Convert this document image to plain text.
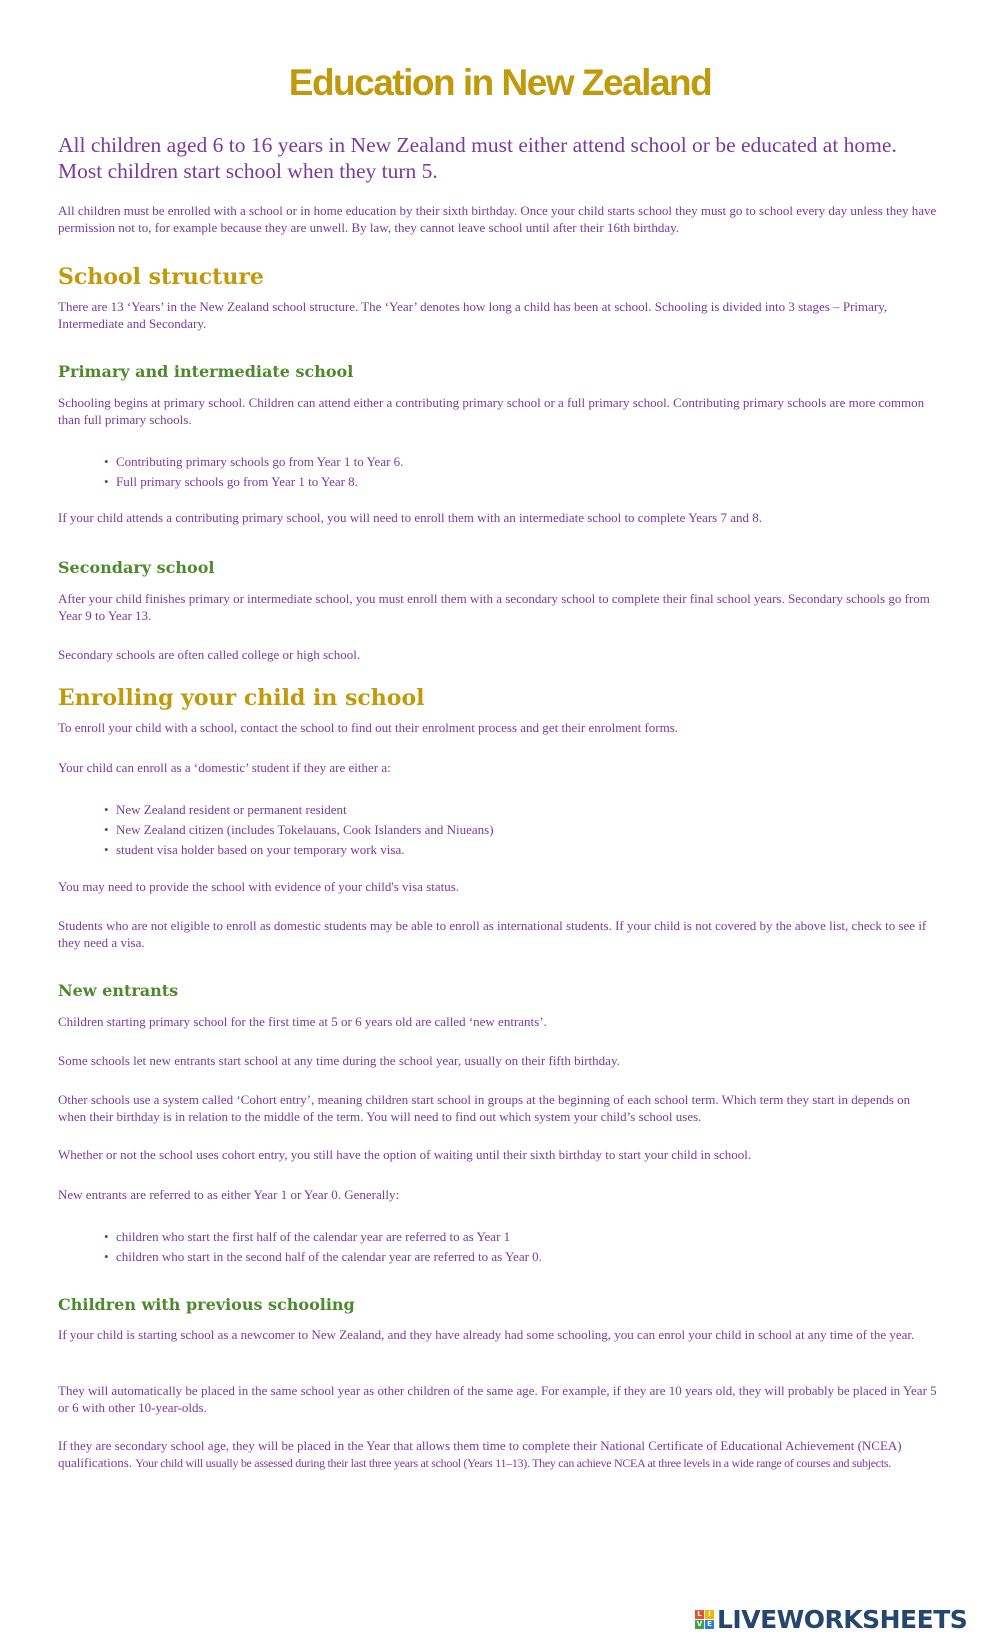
Education in New Zealand

All children aged 6 to 16 years in New Zealand must either attend school or be educated at home. Most children start school when they turn 5.

All children must be enrolled with a school or in home education by their sixth birthday. Once your child starts school they must go to school every day unless they have permission not to, for example because they are unwell. By law, they cannot leave school until after their 16th birthday.

School structure

There are 13 ‘Years’ in the New Zealand school structure. The ‘Year’ denotes how long a child has been at school. Schooling is divided into 3 stages – Primary, Intermediate and Secondary.

Primary and intermediate school

Schooling begins at primary school. Children can attend either a contributing primary school or a full primary school. Contributing primary schools are more common than full primary schools.

• Contributing primary schools go from Year 1 to Year 6.
• Full primary schools go from Year 1 to Year 8.

If your child attends a contributing primary school, you will need to enroll them with an intermediate school to complete Years 7 and 8.

Secondary school

After your child finishes primary or intermediate school, you must enroll them with a secondary school to complete their final school years. Secondary schools go from Year 9 to Year 13.

Secondary schools are often called college or high school.

Enrolling your child in school

To enroll your child with a school, contact the school to find out their enrolment process and get their enrolment forms.

Your child can enroll as a ‘domestic’ student if they are either a:

• New Zealand resident or permanent resident
• New Zealand citizen (includes Tokelauans, Cook Islanders and Niueans)
• student visa holder based on your temporary work visa.

You may need to provide the school with evidence of your child's visa status.

Students who are not eligible to enroll as domestic students may be able to enroll as international students. If your child is not covered by the above list, check to see if they need a visa.

New entrants

Children starting primary school for the first time at 5 or 6 years old are called ‘new entrants’.

Some schools let new entrants start school at any time during the school year, usually on their fifth birthday.

Other schools use a system called ‘Cohort entry’, meaning children start school in groups at the beginning of each school term. Which term they start in depends on when their birthday is in relation to the middle of the term. You will need to find out which system your child’s school uses.

Whether or not the school uses cohort entry, you still have the option of waiting until their sixth birthday to start your child in school.

New entrants are referred to as either Year 1 or Year 0. Generally:

• children who start the first half of the calendar year are referred to as Year 1
• children who start in the second half of the calendar year are referred to as Year 0.
Children with previous schooling

If your child is starting school as a newcomer to New Zealand, and they have already had some schooling, you can enrol your child in school at any time of the year.

They will automatically be placed in the same school year as other children of the same age. For example, if they are 10 years old, they will probably be placed in Year 5 or 6 with other 10-year-olds.

If they are secondary school age, they will be placed in the Year that allows them time to complete their National Certificate of Educational Achievement (NCEA) qualifications. Your child will usually be assessed during their last three years at school (Years 11–13). They can achieve NCEA at three levels in a wide range of courses and subjects.

L I
V E LIVEWORKSHEETS
